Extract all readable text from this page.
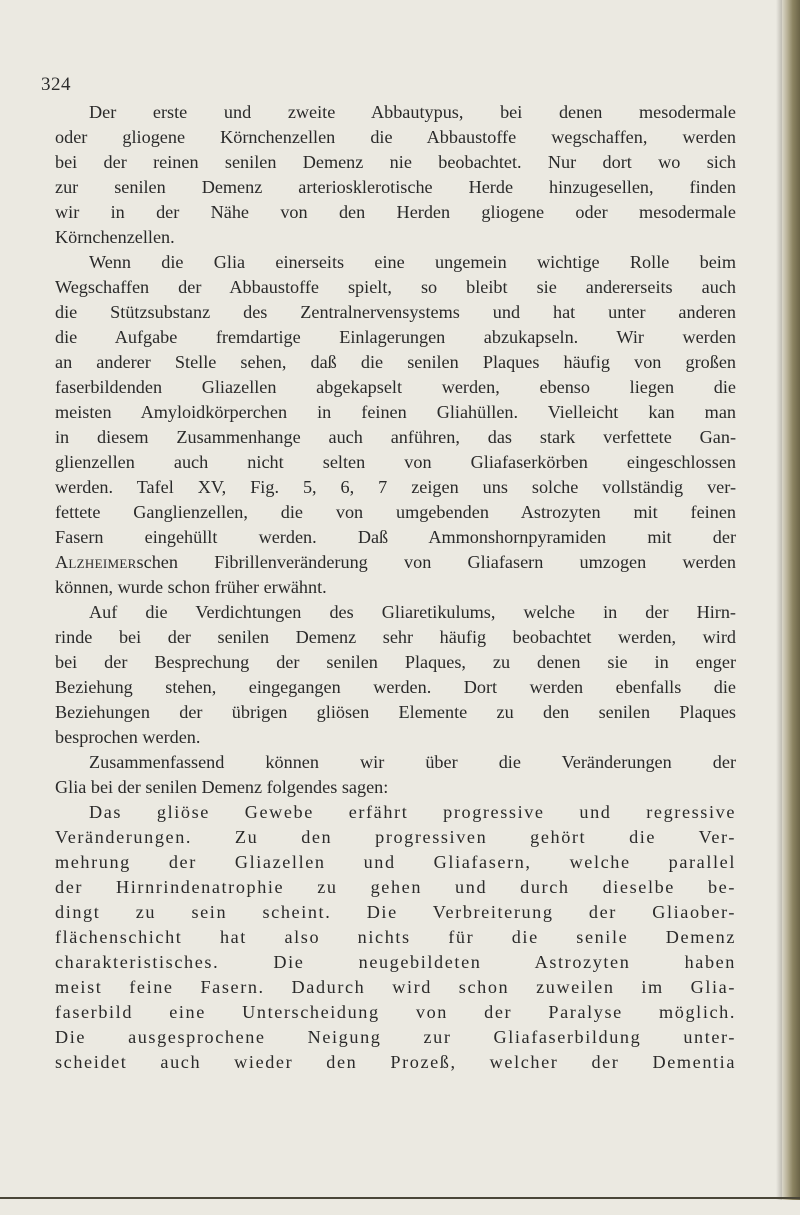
324
Der erste und zweite Abbautypus, bei denen mesodermale
oder gliogene Körnchenzellen die Abbaustoffe wegschaffen, werden
bei der reinen senilen Demenz nie beobachtet. Nur dort wo sich
zur senilen Demenz arteriosklerotische Herde hinzugesellen, finden
wir in der Nähe von den Herden gliogene oder mesodermale
Körnchenzellen.
Wenn die Glia einerseits eine ungemein wichtige Rolle beim
Wegschaffen der Abbaustoffe spielt, so bleibt sie andererseits auch
die Stützsubstanz des Zentralnervensystems und hat unter anderen
die Aufgabe fremdartige Einlagerungen abzukapseln. Wir werden
an anderer Stelle sehen, daß die senilen Plaques häufig von großen
faserbildenden Gliazellen abgekapselt werden, ebenso liegen die
meisten Amyloidkörperchen in feinen Gliahüllen. Vielleicht kan man
in diesem Zusammenhange auch anführen, das stark verfettete Gan-
glienzellen auch nicht selten von Gliafaserkörben eingeschlossen
werden. Tafel XV, Fig. 5, 6, 7 zeigen uns solche vollständig ver-
fettete Ganglienzellen, die von umgebenden Astrozyten mit feinen
Fasern eingehüllt werden. Daß Ammonshornpyramiden mit der
Alzheimerschen Fibrillenveränderung von Gliafasern umzogen werden
können, wurde schon früher erwähnt.
Auf die Verdichtungen des Gliaretikulums, welche in der Hirn-
rinde bei der senilen Demenz sehr häufig beobachtet werden, wird
bei der Besprechung der senilen Plaques, zu denen sie in enger
Beziehung stehen, eingegangen werden. Dort werden ebenfalls die
Beziehungen der übrigen gliösen Elemente zu den senilen Plaques
besprochen werden.
Zusammenfassend können wir über die Veränderungen der
Glia bei der senilen Demenz folgendes sagen:
Das gliöse Gewebe erfährt progressive und regressive
Veränderungen. Zu den progressiven gehört die Ver-
mehrung der Gliazellen und Gliafasern, welche parallel
der Hirnrindenatrophie zu gehen und durch dieselbe be-
dingt zu sein scheint. Die Verbreiterung der Gliaober-
flächenschicht hat also nichts für die senile Demenz
charakteristisches. Die neugebildeten Astrozyten haben
meist feine Fasern. Dadurch wird schon zuweilen im Glia-
faserbild eine Unterscheidung von der Paralyse möglich.
Die ausgesprochene Neigung zur Gliafaserbildung unter-
scheidet auch wieder den Prozeß, welcher der Dementia
